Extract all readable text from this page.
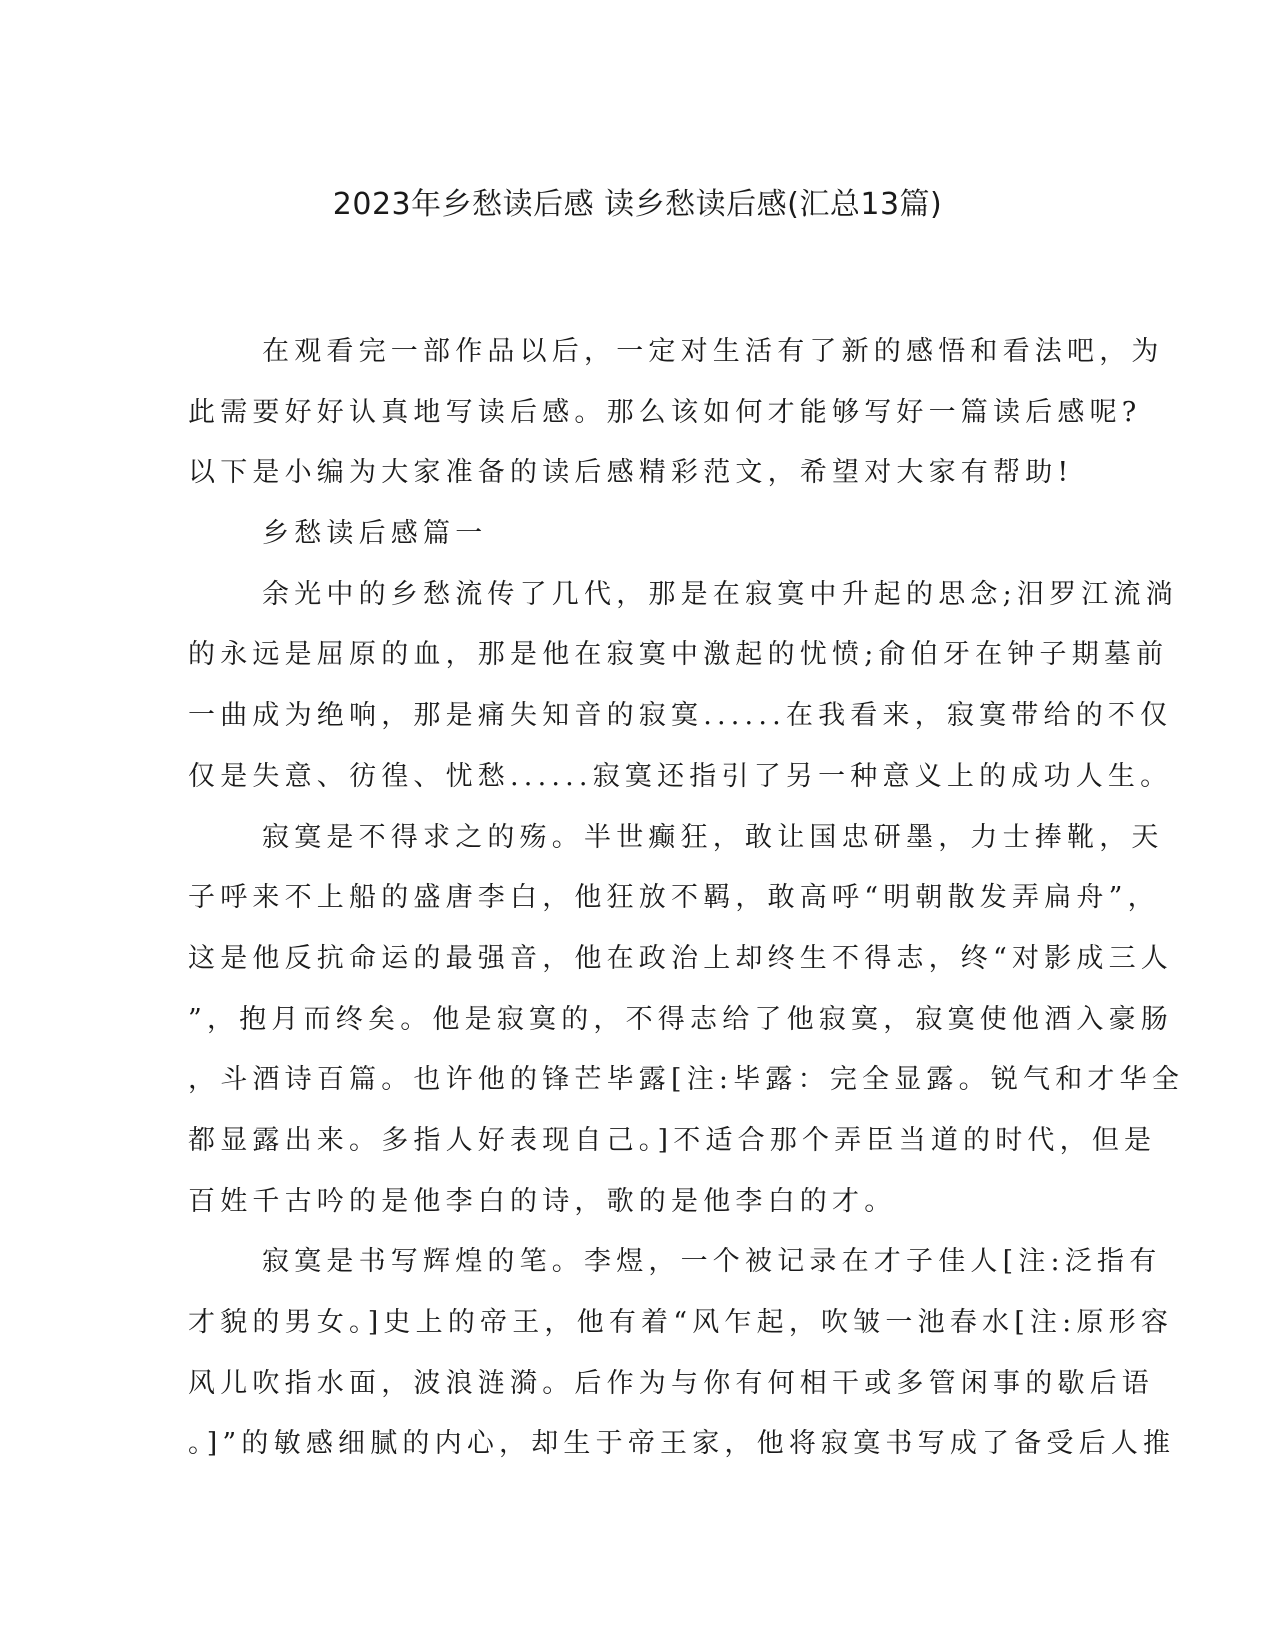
2023年乡愁读后感 读乡愁读后感(汇总13篇)
在观看完一部作品以后，一定对生活有了新的感悟和看法吧，为
此需要好好认真地写读后感。那么该如何才能够写好一篇读后感呢?
以下是小编为大家准备的读后感精彩范文，希望对大家有帮助!
乡愁读后感篇一
余光中的乡愁流传了几代，那是在寂寞中升起的思念;汨罗江流淌
的永远是屈原的血，那是他在寂寞中激起的忧愤;俞伯牙在钟子期墓前
一曲成为绝响，那是痛失知音的寂寞......在我看来，寂寞带给的不仅
仅是失意、彷徨、忧愁......寂寞还指引了另一种意义上的成功人生。
寂寞是不得求之的殇。半世癫狂，敢让国忠研墨，力士捧靴，天
子呼来不上船的盛唐李白，他狂放不羁，敢高呼“明朝散发弄扁舟”，
这是他反抗命运的最强音，他在政治上却终生不得志，终“对影成三人
”，抱月而终矣。他是寂寞的，不得志给了他寂寞，寂寞使他酒入豪肠
，斗酒诗百篇。也许他的锋芒毕露[注:毕露：完全显露。锐气和才华全
都显露出来。多指人好表现自己。]不适合那个弄臣当道的时代，但是
百姓千古吟的是他李白的诗，歌的是他李白的才。
寂寞是书写辉煌的笔。李煜，一个被记录在才子佳人[注:泛指有
才貌的男女。]史上的帝王，他有着“风乍起，吹皱一池春水[注:原形容
风儿吹指水面，波浪涟漪。后作为与你有何相干或多管闲事的歇后语
。]”的敏感细腻的内心，却生于帝王家，他将寂寞书写成了备受后人推
